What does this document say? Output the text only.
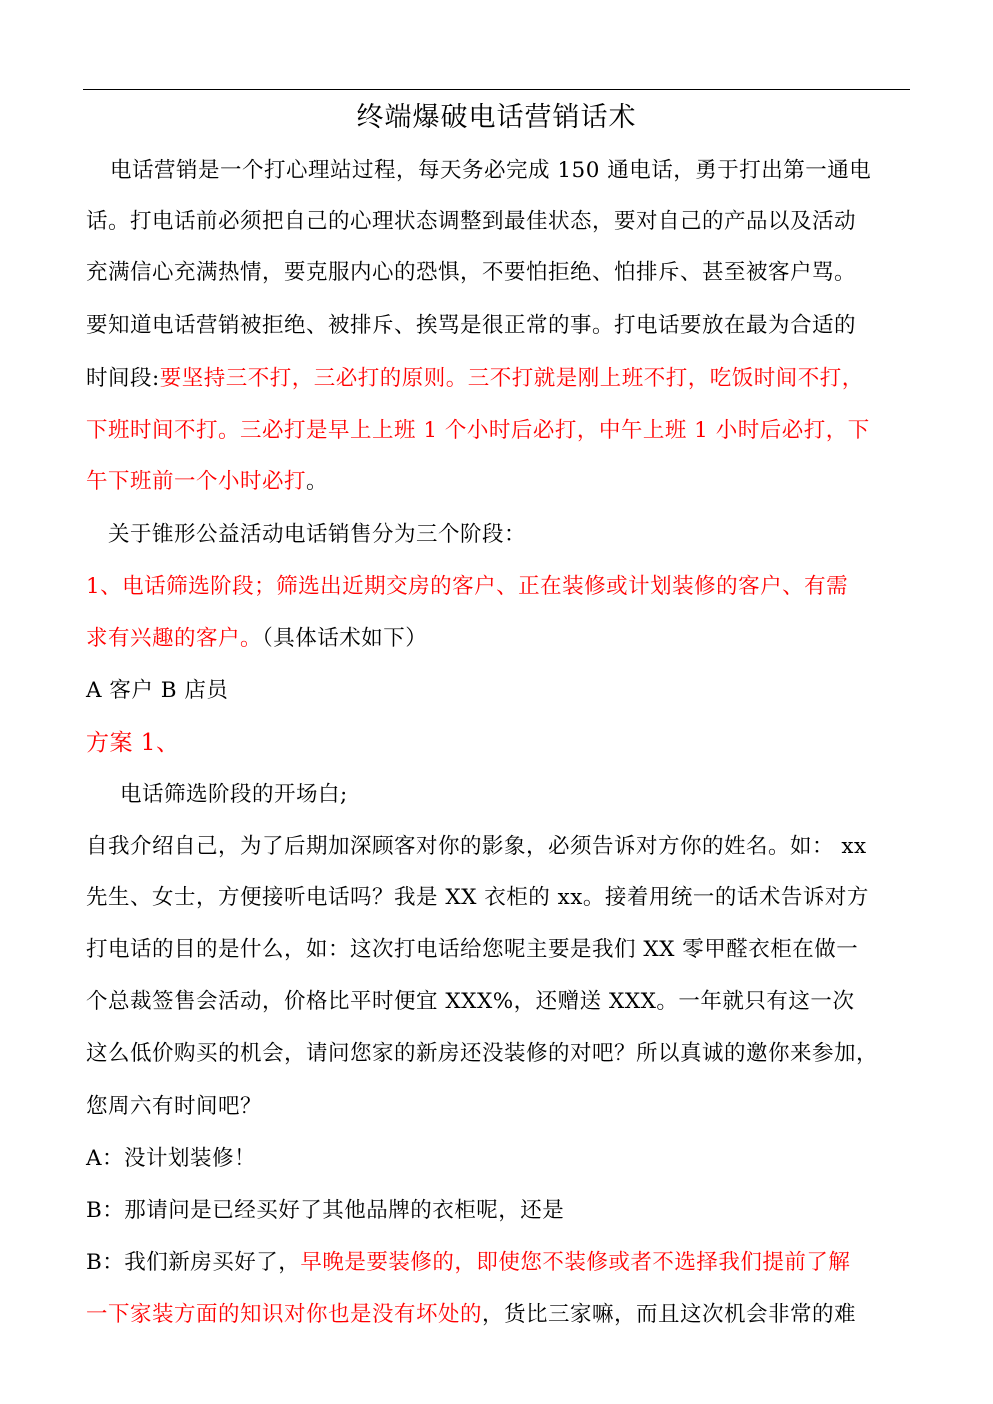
终端爆破电话营销话术
电话营销是一个打心理站过程，每天务必完成 150 通电话，勇于打出第一通电
话。打电话前必须把自己的心理状态调整到最佳状态，要对自己的产品以及活动
充满信心充满热情，要克服内心的恐惧，不要怕拒绝、怕排斥、甚至被客户骂。
要知道电话营销被拒绝、被排斥、挨骂是很正常的事。打电话要放在最为合适的
时间段:要坚持三不打，三必打的原则。三不打就是刚上班不打，吃饭时间不打，
下班时间不打。三必打是早上上班 1 个小时后必打，中午上班 1 小时后必打，下
午下班前一个小时必打。
关于锥形公益活动电话销售分为三个阶段：
1、电话筛选阶段；筛选出近期交房的客户、正在装修或计划装修的客户、有需
求有兴趣的客户。（具体话术如下）
A 客户 B 店员
方案 1、
电话筛选阶段的开场白;
自我介绍自己，为了后期加深顾客对你的影象，必须告诉对方你的姓名。如： xx
先生、女士，方便接听电话吗？我是 XX 衣柜的 xx。接着用统一的话术告诉对方
打电话的目的是什么，如：这次打电话给您呢主要是我们 XX 零甲醛衣柜在做一
个总裁签售会活动，价格比平时便宜 XXX%，还赠送 XXX。一年就只有这一次
这么低价购买的机会，请问您家的新房还没装修的对吧？所以真诚的邀你来参加，
您周六有时间吧？
A：没计划装修！
B：那请问是已经买好了其他品牌的衣柜呢，还是
B：我们新房买好了，早晚是要装修的，即使您不装修或者不选择我们提前了解
一下家装方面的知识对你也是没有坏处的，货比三家嘛，而且这次机会非常的难
